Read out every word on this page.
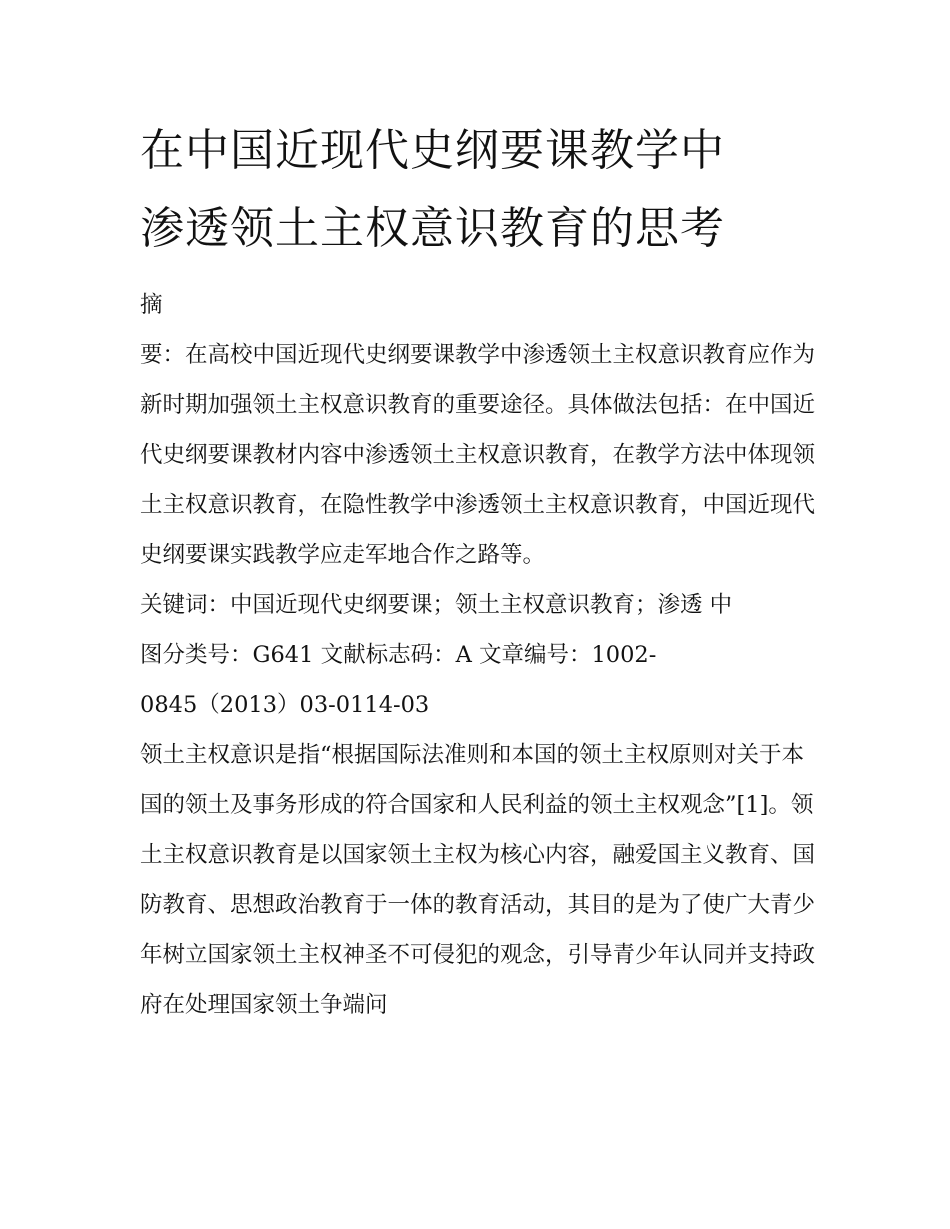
在中国近现代史纲要课教学中
渗透领土主权意识教育的思考
摘
要：在高校中国近现代史纲要课教学中渗透领土主权意识教育应作为新时期加强领土主权意识教育的重要途径。具体做法包括：在中国近代史纲要课教材内容中渗透领土主权意识教育，在教学方法中体现领土主权意识教育，在隐性教学中渗透领土主权意识教育，中国近现代史纲要课实践教学应走军地合作之路等。
关键词：中国近现代史纲要课；领土主权意识教育；渗透 中
图分类号：G641 文献标志码：A 文章编号：1002-
0845（2013）03-0114-03
领土主权意识是指“根据国际法准则和本国的领土主权原则对关于本国的领土及事务形成的符合国家和人民利益的领土主权观念”[1]。领土主权意识教育是以国家领土主权为核心内容，融爱国主义教育、国防教育、思想政治教育于一体的教育活动，其目的是为了使广大青少年树立国家领土主权神圣不可侵犯的观念，引导青少年认同并支持政府在处理国家领土争端问
